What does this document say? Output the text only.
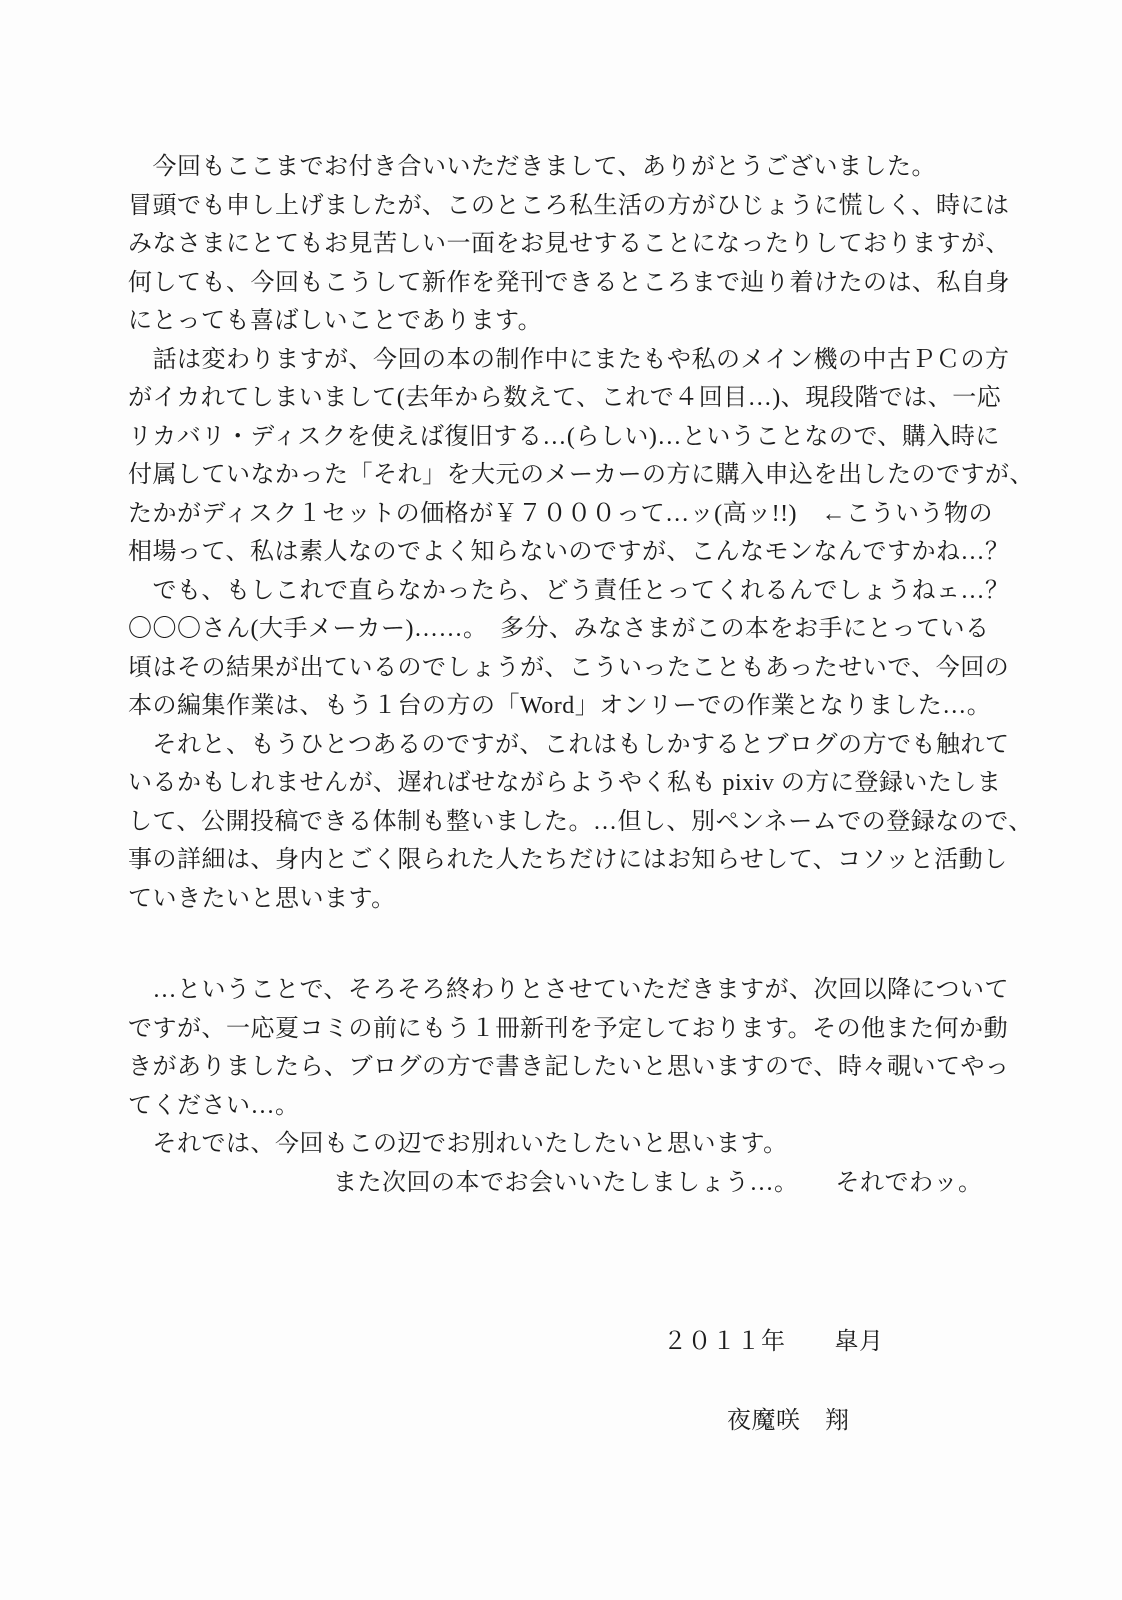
　今回もここまでお付き合いいただきまして、ありがとうございました。
冒頭でも申し上げましたが、このところ私生活の方がひじょうに慌しく、時には
みなさまにとてもお見苦しい一面をお見せすることになったりしておりますが、
何しても、今回もこうして新作を発刊できるところまで辿り着けたのは、私自身
にとっても喜ばしいことであります。

　話は変わりますが、今回の本の制作中にまたもや私のメイン機の中古ＰＣの方
がイカれてしまいまして(去年から数えて、これで４回目…)、現段階では、一応
リカバリ・ディスクを使えば復旧する…(らしい)…ということなので、購入時に
付属していなかった「それ」を大元のメーカーの方に購入申込を出したのですが、
たかがディスク１セットの価格が￥７０００って…ッ(高ッ!!)　←こういう物の
相場って、私は素人なのでよく知らないのですが、こんなモンなんですかね…？

　でも、もしこれで直らなかったら、どう責任とってくれるんでしょうねェ…？
〇〇〇さん(大手メーカー)……。　多分、みなさまがこの本をお手にとっている
頃はその結果が出ているのでしょうが、こういったこともあったせいで、今回の
本の編集作業は、もう１台の方の「Word」オンリーでの作業となりました…。

　それと、もうひとつあるのですが、これはもしかするとブログの方でも触れて
いるかもしれませんが、遅ればせながらようやく私も pixiv の方に登録いたしま
して、公開投稿できる体制も整いました。…但し、別ペンネームでの登録なので、
事の詳細は、身内とごく限られた人たちだけにはお知らせして、コソッと活動し
ていきたいと思います。

　…ということで、そろそろ終わりとさせていただきますが、次回以降について
ですが、一応夏コミの前にもう１冊新刊を予定しております。その他また何か動
きがありましたら、ブログの方で書き記したいと思いますので、時々覗いてやっ
てください…。

　それでは、今回もこの辺でお別れいたしたいと思います。

また次回の本でお会いいたしましょう…。　　それでわッ。

２０１１年　　皐月
夜魔咲　翔
